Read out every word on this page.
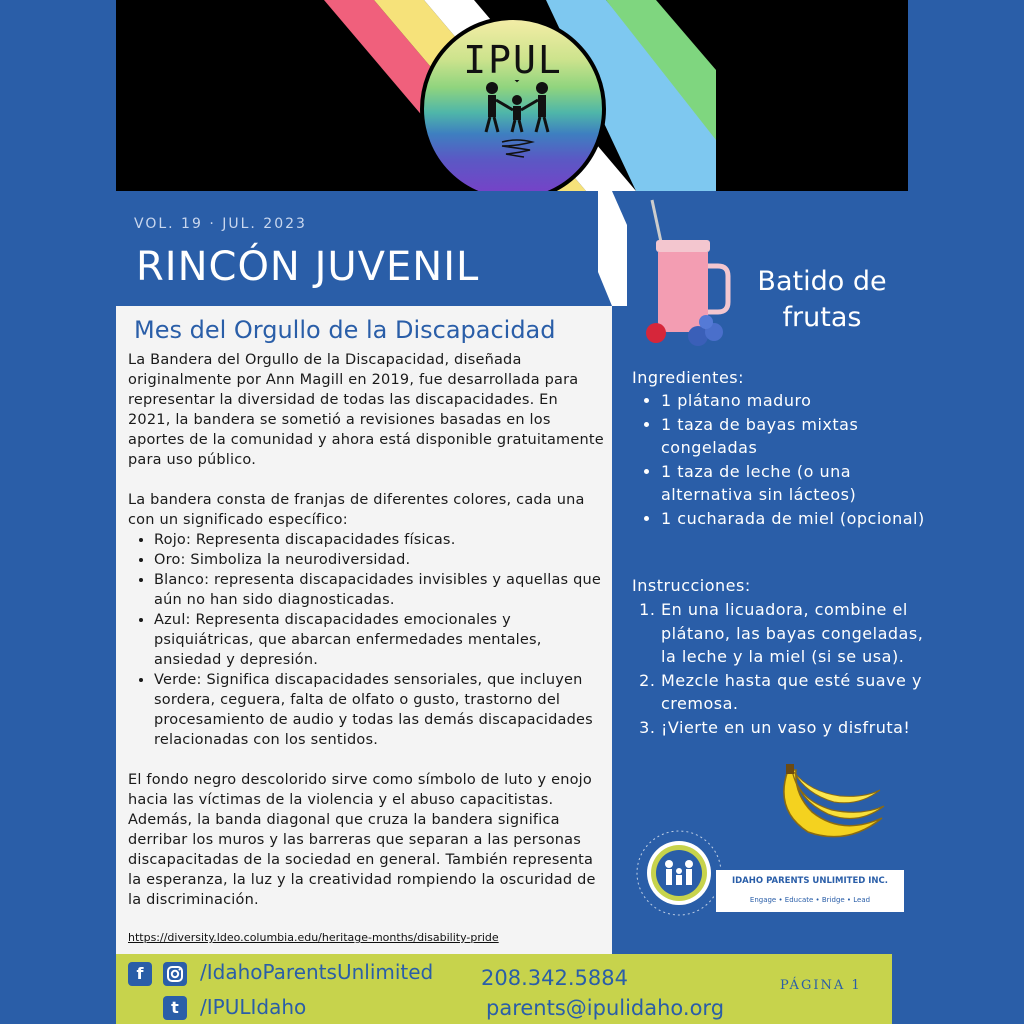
IPUL
VOL. 19 · JUL. 2023
RINCÓN JUVENIL
Mes del Orgullo de la Discapacidad

La Bandera del Orgullo de la Discapacidad, diseñada originalmente por Ann Magill en 2019, fue desarrollada para representar la diversidad de todas las discapacidades. En 2021, la bandera se sometió a revisiones basadas en los aportes de la comunidad y ahora está disponible gratuitamente para uso público.

La bandera consta de franjas de diferentes colores, cada una con un significado específico:

• Rojo: Representa discapacidades físicas.
• Oro: Simboliza la neurodiversidad.
• Blanco: representa discapacidades invisibles y aquellas que aún no han sido diagnosticadas.
• Azul: Representa discapacidades emocionales y psiquiátricas, que abarcan enfermedades mentales, ansiedad y depresión.
• Verde: Significa discapacidades sensoriales, que incluyen sordera, ceguera, falta de olfato o gusto, trastorno del procesamiento de audio y todas las demás discapacidades relacionadas con los sentidos.

El fondo negro descolorido sirve como símbolo de luto y enojo hacia las víctimas de la violencia y el abuso capacitistas. Además, la banda diagonal que cruza la bandera significa derribar los muros y las barreras que separan a las personas discapacitadas de la sociedad en general. También representa la esperanza, la luz y la creatividad rompiendo la oscuridad de la discriminación.

https://diversity.ldeo.columbia.edu/heritage-months/disability-pride
Batido de
frutas
Ingredientes:
• 1 plátano maduro
• 1 taza de bayas mixtas congeladas
• 1 taza de leche (o una alternativa sin lácteos)
• 1 cucharada de miel (opcional)
Instrucciones:
1. En una licuadora, combine el plátano, las bayas congeladas, la leche y la miel (si se usa).
2. Mezcle hasta que esté suave y cremosa.
3. ¡Vierte en un vaso y disfruta!
IDAHO PARENTS UNLIMITED INC.
Engage • Educate • Bridge • Lead
f
t
/IdahoParentsUnlimited
/IPULIdaho
208.342.5884
parents@ipulidaho.org
PÁGINA 1
